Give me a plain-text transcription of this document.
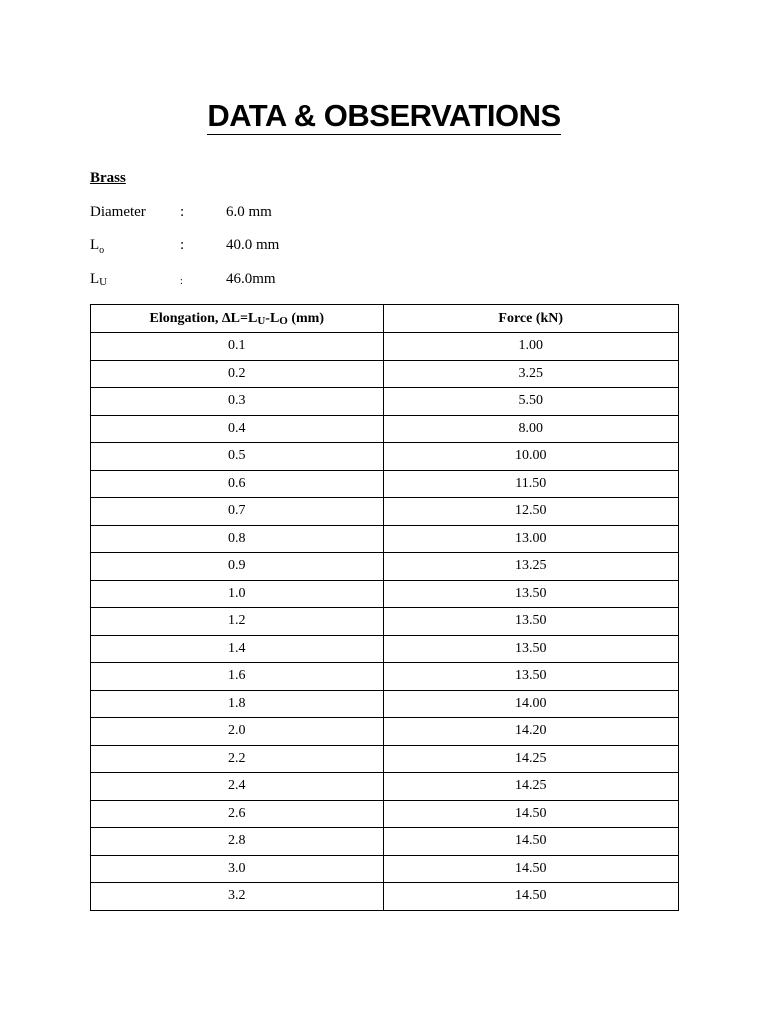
DATA & OBSERVATIONS
Brass
Diameter :	6.0 mm
$L_o$	:	40.0 mm
LU	:	46.0mm
Elongation, ΔL=LU-LO (mm)	Force (kN)
0.1	1.00
0.2	3.25
0.3	5.50
0.4	8.00
0.5	10.00
0.6	11.50
0.7	12.50
0.8	13.00
0.9	13.25
1.0	13.50
1.2	13.50
1.4	13.50
1.6	13.50
1.8	14.00
2.0	14.20
2.2	14.25
2.4	14.25
2.6	14.50
2.8	14.50
3.0	14.50
3.2	14.50
